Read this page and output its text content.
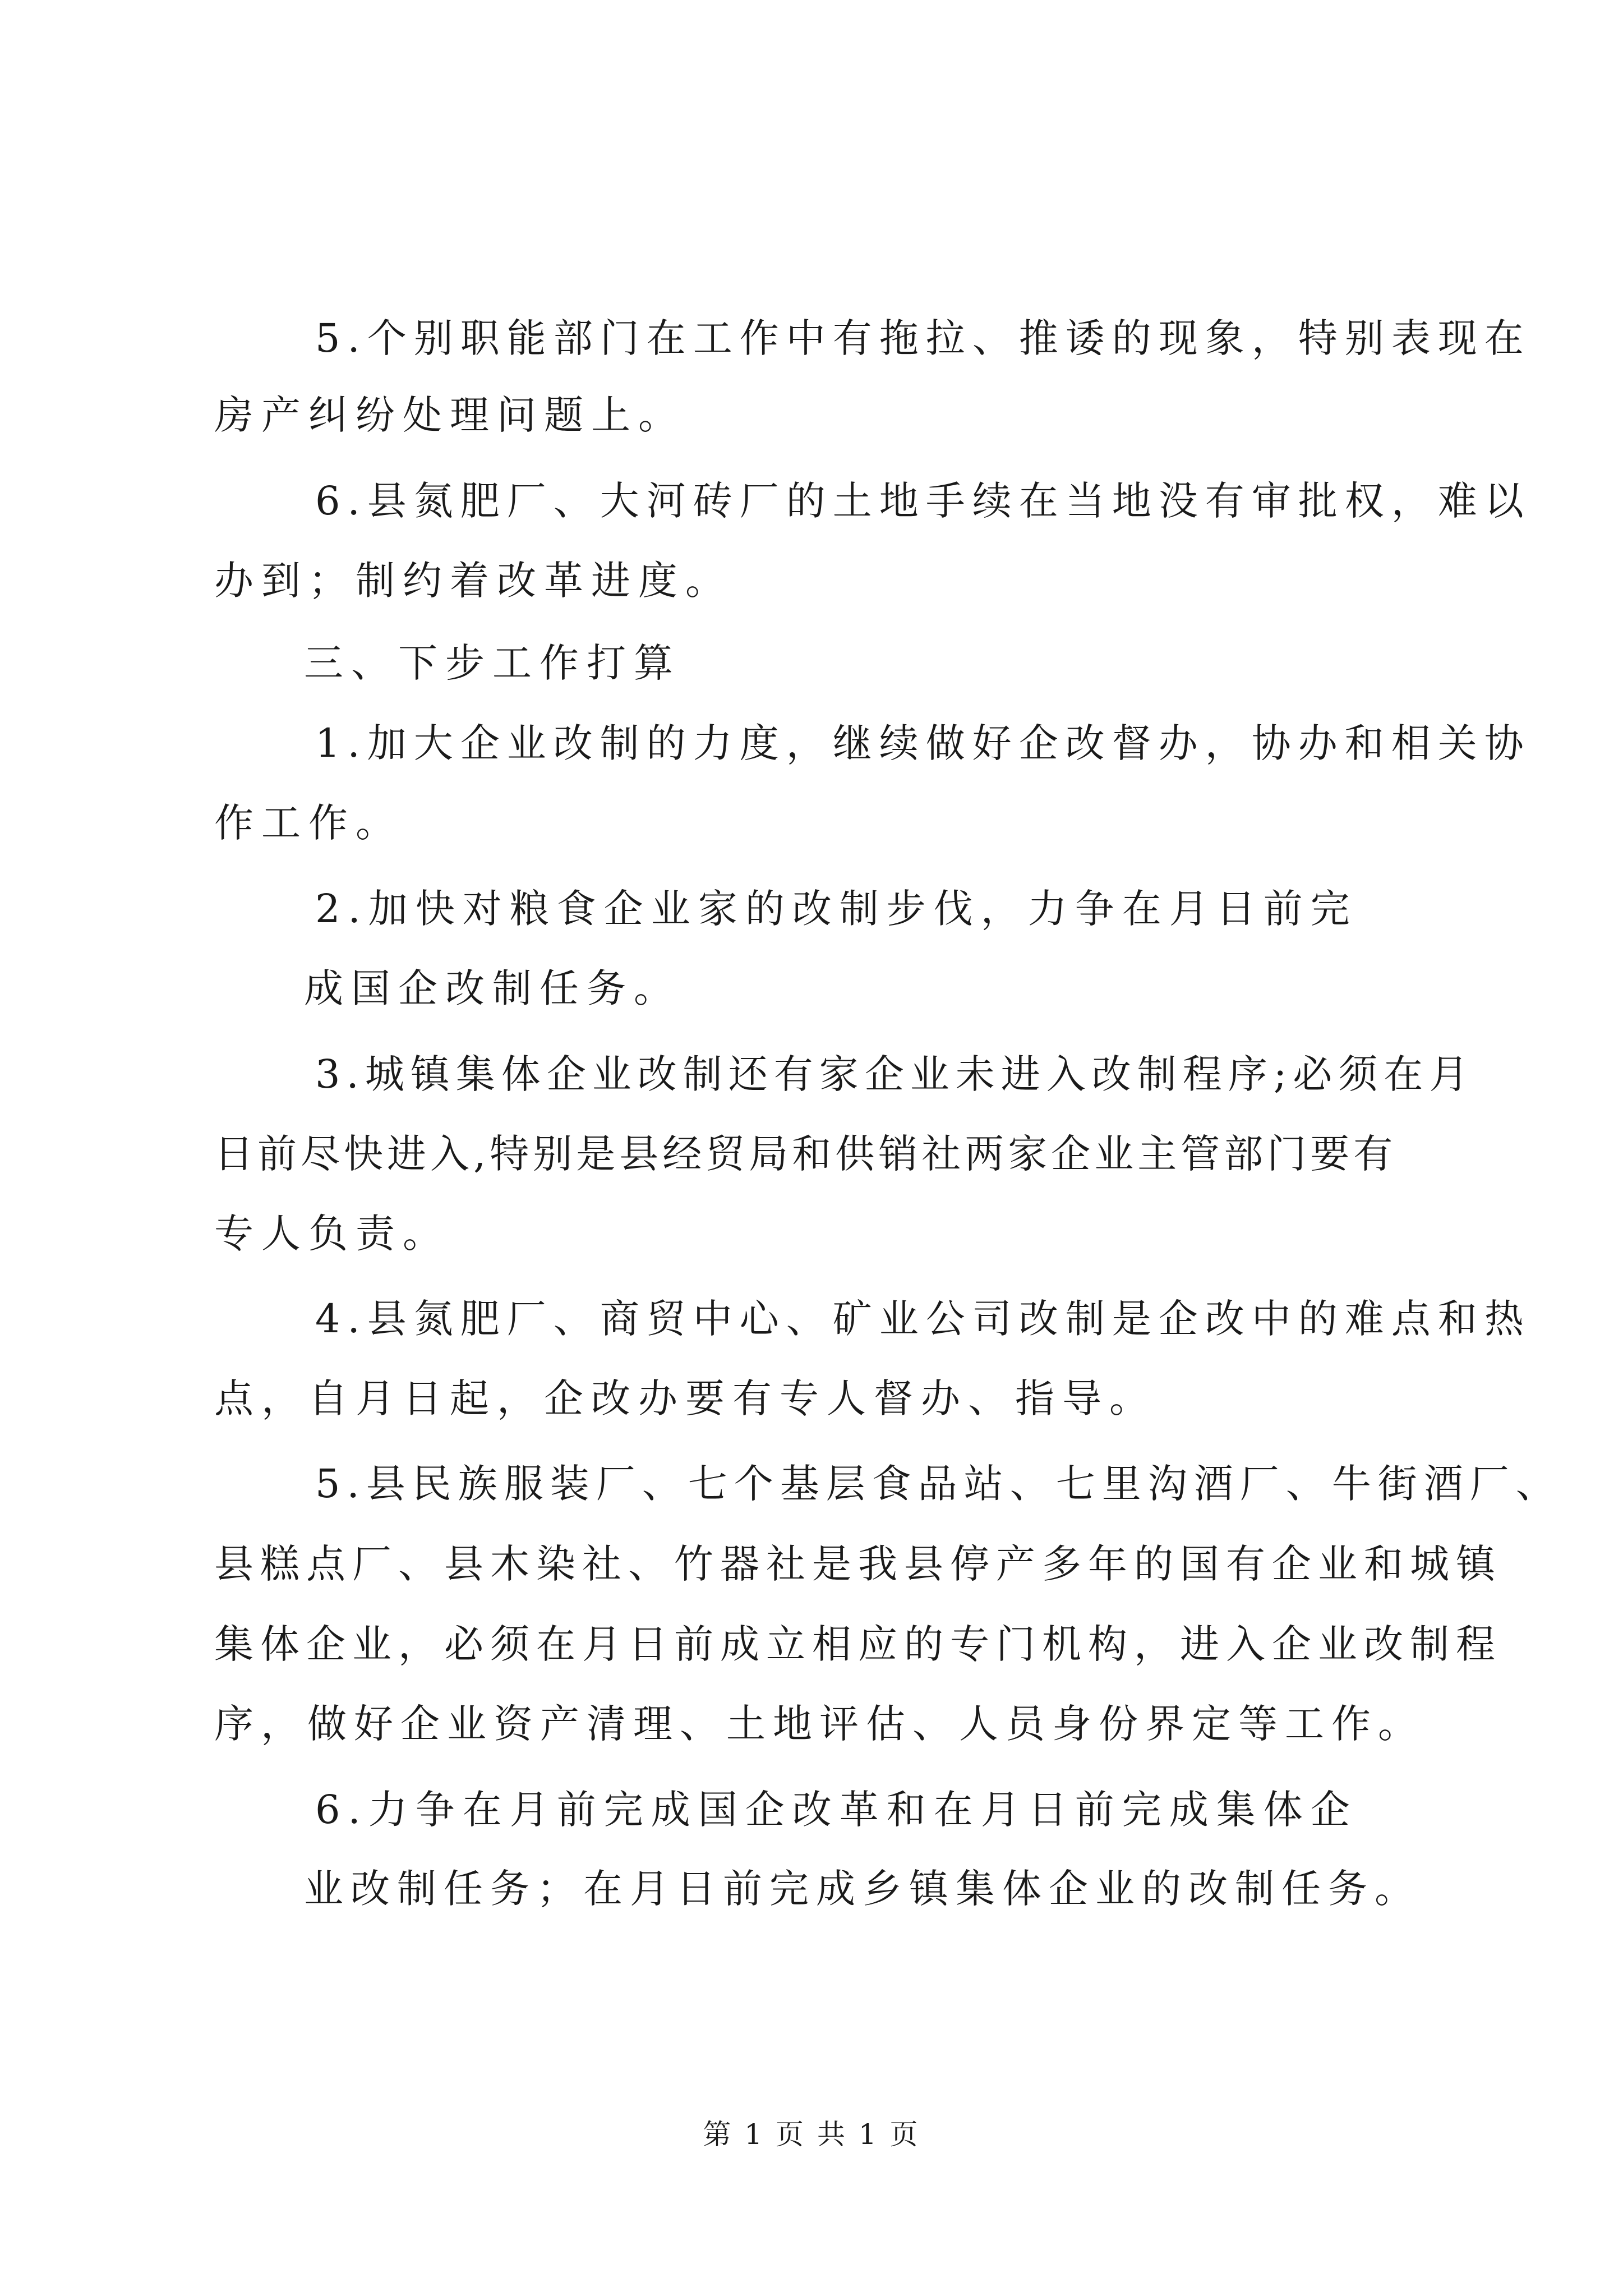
5.个别职能部门在工作中有拖拉、推诿的现象，特别表现在
房产纠纷处理问题上。
6.县氮肥厂、大河砖厂的土地手续在当地没有审批权，难以
办到；制约着改革进度。
三、下步工作打算
1.加大企业改制的力度，继续做好企改督办，协办和相关协
作工作。
2.加快对粮食企业家的改制步伐，力争在月日前完
成国企改制任务。
3.城镇集体企业改制还有家企业未进入改制程序;必须在月
日前尽快进入,特别是县经贸局和供销社两家企业主管部门要有
专人负责。
4.县氮肥厂、商贸中心、矿业公司改制是企改中的难点和热
点，自月日起，企改办要有专人督办、指导。
5.县民族服装厂、七个基层食品站、七里沟酒厂、牛街酒厂、
县糕点厂、县木染社、竹器社是我县停产多年的国有企业和城镇
集体企业，必须在月日前成立相应的专门机构，进入企业改制程
序，做好企业资产清理、土地评估、人员身份界定等工作。
6.力争在月前完成国企改革和在月日前完成集体企
业改制任务；在月日前完成乡镇集体企业的改制任务。
第 1 页 共 1 页
